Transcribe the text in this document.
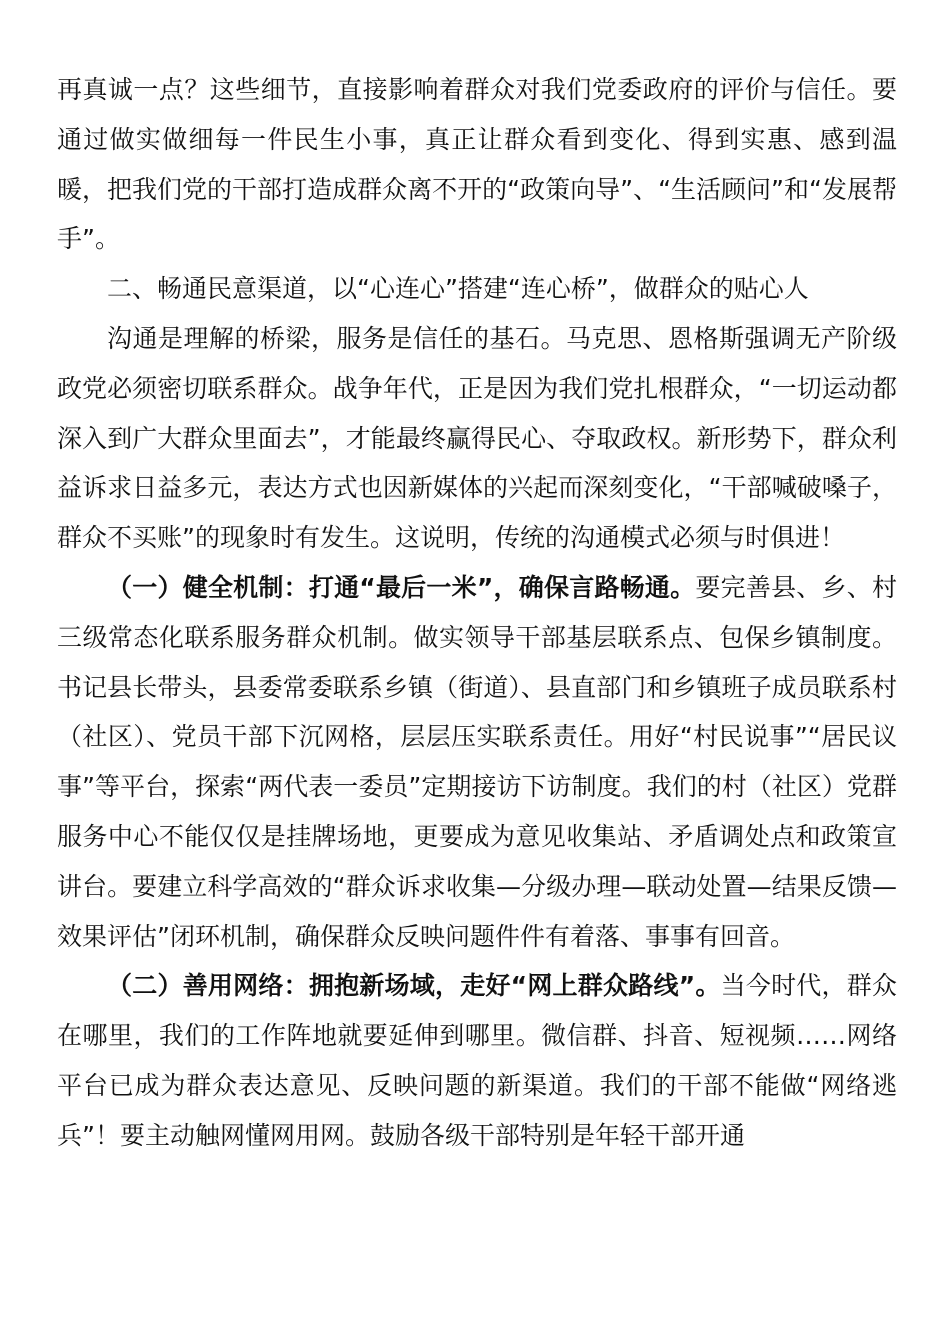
再真诚一点？这些细节，直接影响着群众对我们党委政府的评价与信任。要通过做实做细每一件民生小事，真正让群众看到变化、得到实惠、感到温暖，把我们党的干部打造成群众离不开的“政策向导”、“生活顾问”和“发展帮手”。

二、畅通民意渠道，以“心连心”搭建“连心桥”，做群众的贴心人

沟通是理解的桥梁，服务是信任的基石。马克思、恩格斯强调无产阶级政党必须密切联系群众。战争年代，正是因为我们党扎根群众，“一切运动都深入到广大群众里面去”，才能最终赢得民心、夺取政权。新形势下，群众利益诉求日益多元，表达方式也因新媒体的兴起而深刻变化，“干部喊破嗓子，群众不买账”的现象时有发生。这说明，传统的沟通模式必须与时俱进！

（一）健全机制：打通“最后一米”，确保言路畅通。要完善县、乡、村三级常态化联系服务群众机制。做实领导干部基层联系点、包保乡镇制度。书记县长带头，县委常委联系乡镇（街道）、县直部门和乡镇班子成员联系村（社区）、党员干部下沉网格，层层压实联系责任。用好“村民说事”“居民议事”等平台，探索“两代表一委员”定期接访下访制度。我们的村（社区）党群服务中心不能仅仅是挂牌场地，更要成为意见收集站、矛盾调处点和政策宣讲台。要建立科学高效的“群众诉求收集—分级办理—联动处置—结果反馈—效果评估”闭环机制，确保群众反映问题件件有着落、事事有回音。

（二）善用网络：拥抱新场域，走好“网上群众路线”。当今时代，群众在哪里，我们的工作阵地就要延伸到哪里。微信群、抖音、短视频……网络平台已成为群众表达意见、反映问题的新渠道。我们的干部不能做“网络逃兵”！要主动触网懂网用网。鼓励各级干部特别是年轻干部开通
